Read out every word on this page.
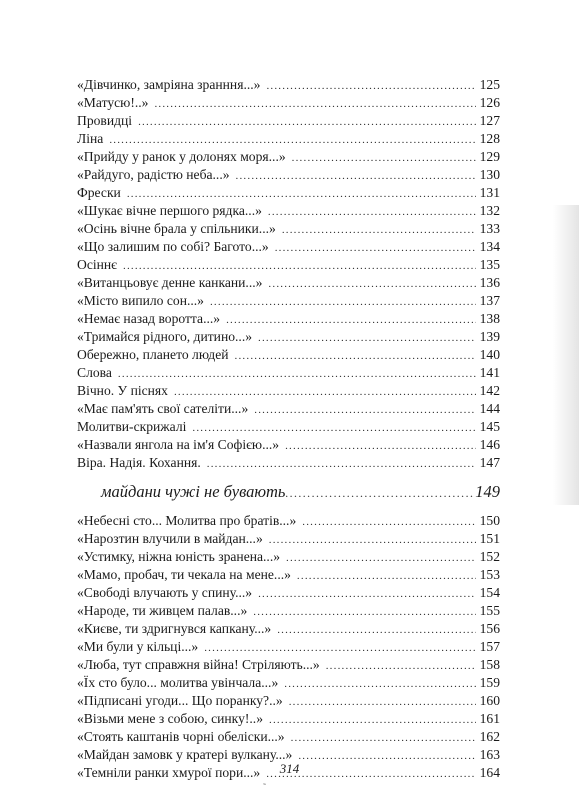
«Дівчинко, замріяна зранння...» .....	125
«Матусю!..» .....	126
Провидці .....	127
Ліна .....	128
«Прийду у ранок у долонях моря...» .....	129
«Райдуго, радістю неба...» .....	130
Фрески .....	131
«Шукає вічне першого рядка...» .....	132
«Осінь вічне брала у спільники...» .....	133
«Що залишим по собі? Багото...» .....	134
Осіннє .....	135
«Витанцьовує денне канкани...» .....	136
«Місто випило сон...» .....	137
«Немає назад воротта...» .....	138
«Тримайся рідного, дитино...» .....	139
Обережно, плането людей .....	140
Слова .....	141
Вічно. У піснях .....	142
«Має пам'ять свої сателіти...» .....	144
Молитви-скрижалі .....	145
«Назвали янгола на ім'я Софією...» .....	146
Віра. Надія. Кохання. .....	147
майдани чужі не бувають .....	149
«Небесні сто... Молитва про братів...» .....	150
«Нарозтин влучили в майдан...» .....	151
«Устимку, ніжна юність зранена...» .....	152
«Мамо, пробач, ти чекала на мене...» .....	153
«Свободі влучають у спину...» .....	154
«Народе, ти живцем палав...» .....	155
«Києве, ти здригнувся капкану...» .....	156
«Ми були у кільці...» .....	157
«Люба, тут справжня війна! Стріляють...» .....	158
«Їх сто було... молитва увінчала...» .....	159
«Підписані угоди... Що поранку?..» .....	160
«Візьми мене з собою, синку!..» .....	161
«Стоять каштанів чорні обеліски...» .....	162
«Майдан замовк у кратері вулкану...» .....	163
«Темніли ранки хмурої пори...» .....	164
314
˷
